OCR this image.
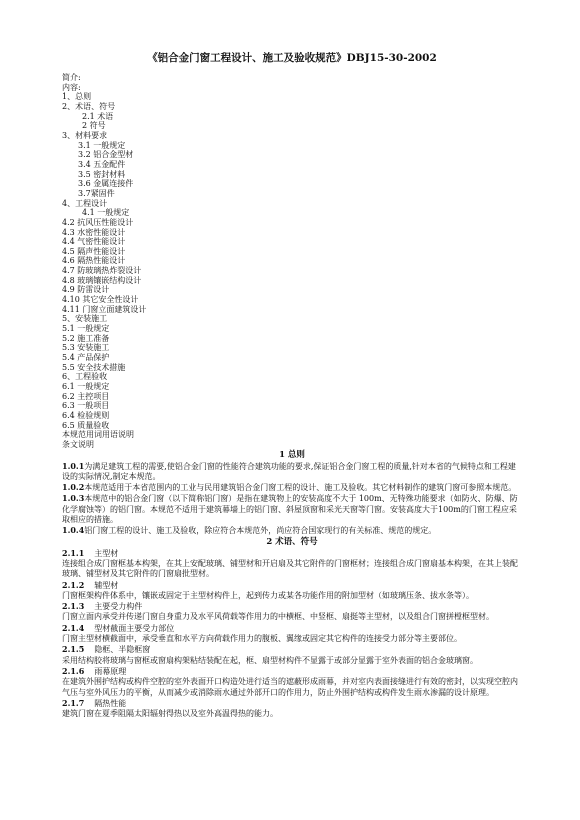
《铝合金门窗工程设计、施工及验收规范》DBJ15-30-2002
简介:
内容:
1、总则
2、术语、符号
2.1 术语
2 符号
3、材料要求
3.1 一般规定
3.2 铝合金型材
3.4 五金配件
3.5 密封材料
3.6 金属连接件
3.7紧固件
4、工程设计
4.1 一般规定
4.2 抗风压性能设计
4.3 水密性能设计
4.4 气密性能设计
4.5 隔声性能设计
4.6 隔热性能设计
4.7 防玻璃热炸裂设计
4.8 玻璃镶嵌结构设计
4.9 防雷设计
4.10 其它安全性设计
4.11 门窗立面建筑设计
5、安装施工
5.1 一般规定
5.2 施工准备
5.3 安装施工
5.4 产品保护
5.5 安全技术措施
6、工程验收
6.1 一般规定
6.2 主控项目
6.3 一般项目
6.4 检验规则
6.5 质量验收
本规范用词用语说明
条文说明
1 总则

1.0.1为满足建筑工程的需要,使铝合金门窗的性能符合建筑功能的要求,保证铝合金门窗工程的质量,针对本省的气候特点和工程建设的实际情况,制定本规范。

1.0.2本规范适用于本省范围内的工业与民用建筑铝合金门窗工程的设计、施工及验收。其它材料制作的建筑门窗可参照本规范。

1.0.3本规范中的铝合金门窗（以下简称铝门窗）是指在建筑物上的安装高度不大于 100m、无特殊功能要求（如防火、防爆、防化学腐蚀等）的铝门窗。本规范不适用于建筑幕墙上的铝门窗、斜屋顶窗和采光天窗等门窗。安装高度大于100m的门窗工程应采取相应的措施。

1.0.4铝门窗工程的设计、施工及验收，除应符合本规范外，尚应符合国家现行的有关标准、规范的规定。

2 术语、符号
2.1.1 主型材

连接组合成门窗框基本构架，在其上安配玻璃、铺型材和开启扇及其它附件的门窗框材；连接组合成门窗扇基本构架，在其上装配玻璃、铺型材及其它附件的门窗扇批型材。

2.1.2 辅型材

门窗框架构件体系中，镶嵌或固定于主型材构件上，起到传力或某各功能作用的附加型材（如玻璃压条、拔水条等）。

2.1.3 主要受力构件

门窗立面内承受并传递门窗自身重力及水平风荷载等作用力的中横框、中竖框、扇挺等主型材，以及组合门窗拼樘框型材。

2.1.4 型材截面主要受力部位

门窗主型材横截面中，承受垂直和水平方向荷载作用力的腹板、翼缘或固定其它构件的连接受力部分等主要部位。

2.1.5 隐框、半隐框窗

采用结构胶将玻璃与窗框或窗扇构架粘结装配在起，框、扇型材构件不显露于或部分显露于室外表面的铝合金玻璃窗。

2.1.6 雨幕原理

在建筑外围护结构或构件空腔的室外表面开口构造处进行适当的遮蔽形成雨幕，并对室内表面接缝进行有效的密封，以实现空腔内气压与室外风压力的平衡，从而减少或消除雨水通过外部开口的作用力，防止外围护结构或构件发生雨水渗漏的设计原理。

2.1.7 隔热性能

建筑门窗在夏季阻隔太阳辐射得热以及室外高温得热的能力。
